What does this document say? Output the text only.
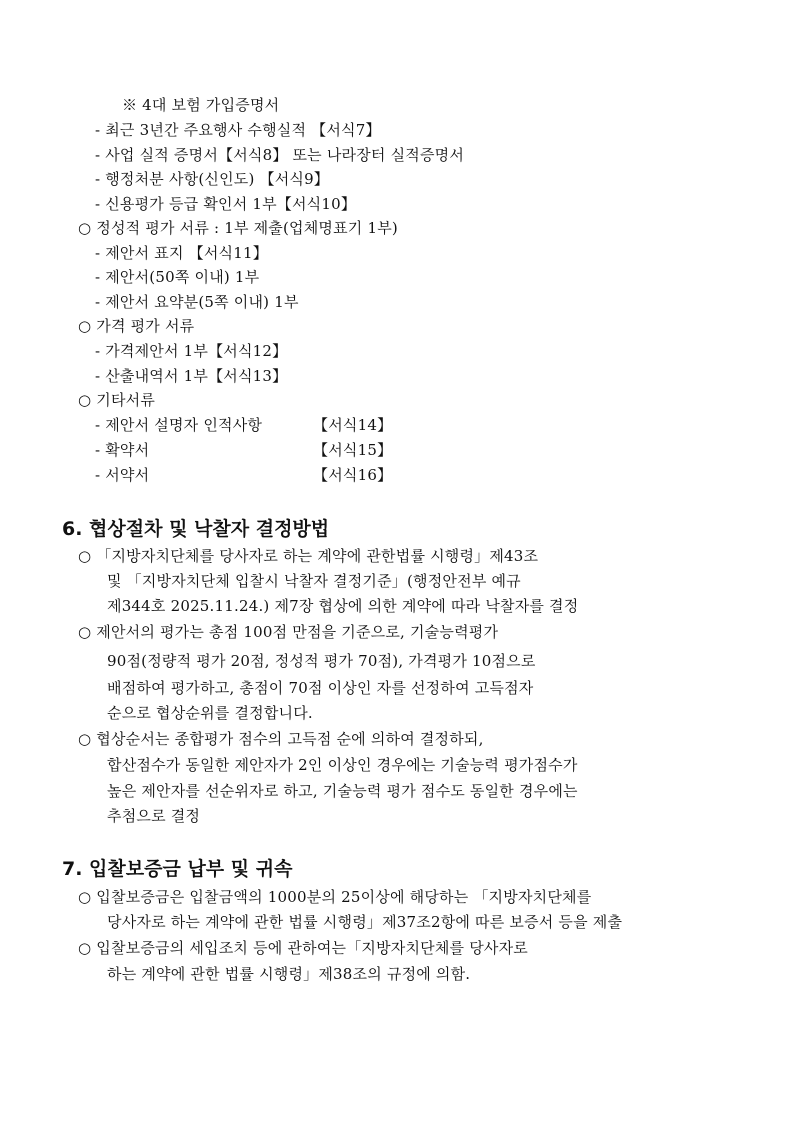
※ 4대 보험 가입증명서
- 최근 3년간 주요행사 수행실적 【서식7】
- 사업 실적 증명서【서식8】 또는 나라장터 실적증명서
- 행정처분 사항(신인도) 【서식9】
- 신용평가 등급 확인서 1부【서식10】
○ 정성적 평가 서류 : 1부 제출(업체명표기 1부)
- 제안서 표지 【서식11】
- 제안서(50쪽 이내) 1부
- 제안서 요약분(5쪽 이내) 1부
○ 가격 평가 서류
- 가격제안서 1부【서식12】
- 산출내역서 1부【서식13】
○ 기타서류
- 제안서 설명자 인적사항	【서식14】
- 확약서	【서식15】
- 서약서	【서식16】
6. 협상절차 및 낙찰자 결정방법
○ 「지방자치단체를 당사자로 하는 계약에 관한법률 시행령」제43조
및 「지방자치단체 입찰시 낙찰자 결정기준」(행정안전부 예규
제344호 2025.11.24.) 제7장 협상에 의한 계약에 따라 낙찰자를 결정
○ 제안서의 평가는 총점 100점 만점을 기준으로, 기술능력평가
90점(정량적 평가 20점, 정성적 평가 70점), 가격평가 10점으로
배점하여 평가하고, 총점이 70점 이상인 자를 선정하여 고득점자
순으로 협상순위를 결정합니다.
○ 협상순서는 종합평가 점수의 고득점 순에 의하여 결정하되,
합산점수가 동일한 제안자가 2인 이상인 경우에는 기술능력 평가점수가
높은 제안자를 선순위자로 하고, 기술능력 평가 점수도 동일한 경우에는
추첨으로 결정
7. 입찰보증금 납부 및 귀속
○ 입찰보증금은 입찰금액의 1000분의 25이상에 해당하는 「지방자치단체를
당사자로 하는 계약에 관한 법률 시행령」제37조2항에 따른 보증서 등을 제출
○ 입찰보증금의 세입조치 등에 관하여는「지방자치단체를 당사자로
하는 계약에 관한 법률 시행령」제38조의 규정에 의함.
